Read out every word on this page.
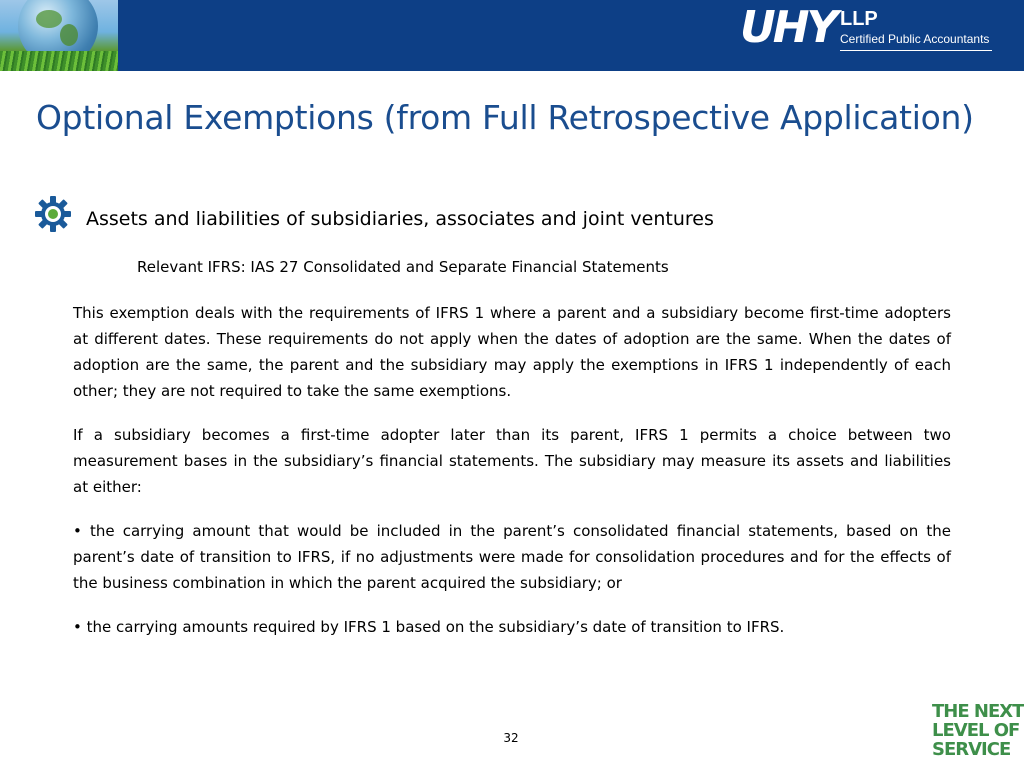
UHY LLP
Certified Public Accountants
Optional Exemptions (from Full Retrospective Application)
Assets and liabilities of subsidiaries, associates and joint ventures
Relevant IFRS: IAS 27 Consolidated and Separate Financial Statements

This exemption deals with the requirements of IFRS 1 where a parent and a subsidiary become first-time adopters at different dates. These requirements do not apply when the dates of adoption are the same. When the dates of adoption are the same, the parent and the subsidiary may apply the exemptions in IFRS 1 independently of each other; they are not required to take the same exemptions.

If a subsidiary becomes a first-time adopter later than its parent, IFRS 1 permits a choice between two measurement bases in the subsidiary’s financial statements. The subsidiary may measure its assets and liabilities at either:

• the carrying amount that would be included in the parent’s consolidated financial statements, based on the parent’s date of transition to IFRS, if no adjustments were made for consolidation procedures and for the effects of the business combination in which the parent acquired the subsidiary; or

• the carrying amounts required by IFRS 1 based on the subsidiary’s date of transition to IFRS.

32
THE NEXT
LEVEL OF
SERVICE
